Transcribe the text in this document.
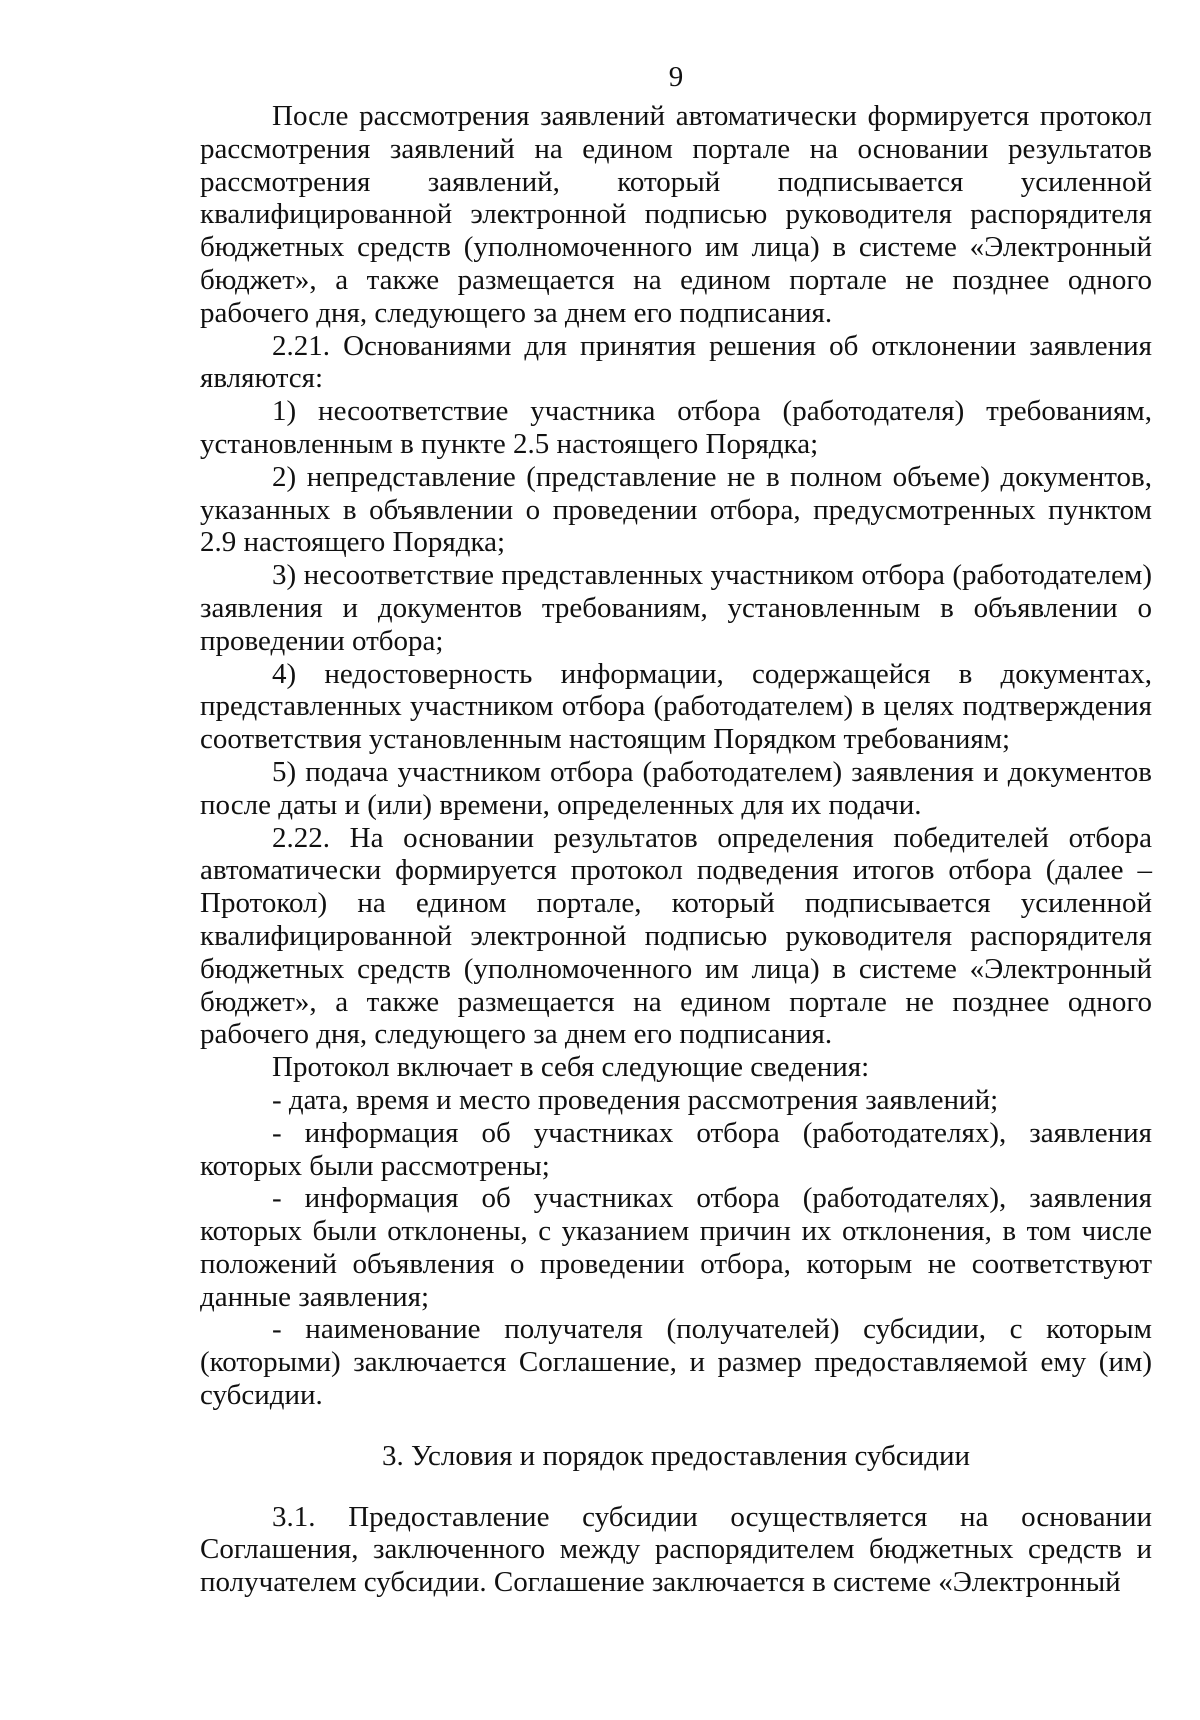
9

После рассмотрения заявлений автоматически формируется протокол рассмотрения заявлений на едином портале на основании результатов рассмотрения заявлений, который подписывается усиленной квалифицированной электронной подписью руководителя распорядителя бюджетных средств (уполномоченного им лица) в системе «Электронный бюджет», а также размещается на едином портале не позднее одного рабочего дня, следующего за днем его подписания.

2.21. Основаниями для принятия решения об отклонении заявления являются:

1) несоответствие участника отбора (работодателя) требованиям, установленным в пункте 2.5 настоящего Порядка;

2) непредставление (представление не в полном объеме) документов, указанных в объявлении о проведении отбора, предусмотренных пунктом 2.9 настоящего Порядка;

3) несоответствие представленных участником отбора (работодателем) заявления и документов требованиям, установленным в объявлении о проведении отбора;

4) недостоверность информации, содержащейся в документах, представленных участником отбора (работодателем) в целях подтверждения соответствия установленным настоящим Порядком требованиям;

5) подача участником отбора (работодателем) заявления и документов после даты и (или) времени, определенных для их подачи.

2.22. На основании результатов определения победителей отбора автоматически формируется протокол подведения итогов отбора (далее – Протокол) на едином портале, который подписывается усиленной квалифицированной электронной подписью руководителя распорядителя бюджетных средств (уполномоченного им лица) в системе «Электронный бюджет», а также размещается на едином портале не позднее одного рабочего дня, следующего за днем его подписания.

Протокол включает в себя следующие сведения:

- дата, время и место проведения рассмотрения заявлений;

- информация об участниках отбора (работодателях), заявления которых были рассмотрены;

- информация об участниках отбора (работодателях), заявления которых были отклонены, с указанием причин их отклонения, в том числе положений объявления о проведении отбора, которым не соответствуют данные заявления;

- наименование получателя (получателей) субсидии, с которым (которыми) заключается Соглашение, и размер предоставляемой ему (им) субсидии.

3. Условия и порядок предоставления субсидии

3.1. Предоставление субсидии осуществляется на основании Соглашения, заключенного между распорядителем бюджетных средств и получателем субсидии. Соглашение заключается в системе «Электронный
